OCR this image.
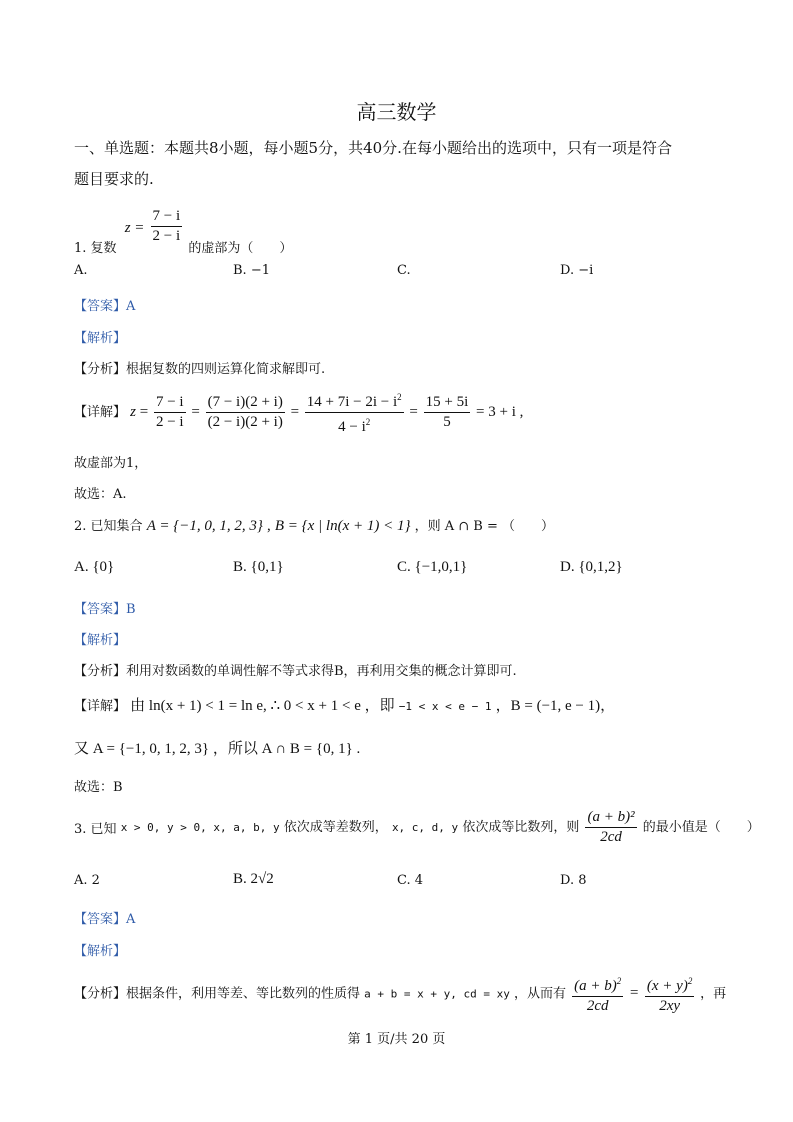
高三数学
一、单选题：本题共8小题，每小题5分，共40分.在每小题给出的选项中，只有一项是符合
题目要求的.
1. 复数 $z = \frac{7 - i}{2 - i}$
的虚部为（　　）
A.	B. −1	C.	D. −i
【答案】A
【解析】
【分析】根据复数的四则运算化简求解即可.
【详解】 $z = \frac{7 - i}{2 - i} = \frac{(7 - i)(2 + i)}{(2 - i)(2 + i)} = \frac{14 + 7i - 2i - i^2}{4 - i^2} = \frac{15 + 5i}{5} = 3 + i$ ,
故虚部为1，
故选：A.
2. 已知集合 A = {−1, 0, 1, 2, 3} , B = {x | ln(x + 1) < 1} ，则 A ∩ B = （　　）
A. {0}	B. {0,1}	C. {−1,0,1}	D. {0,1,2}
【答案】B
【解析】
【分析】利用对数函数的单调性解不等式求得B，再利用交集的概念计算即可.
【详解】 由 ln(x + 1) < 1 = ln e, ∴ 0 < x + 1 < e ，即 −1 < x < e − 1 ，B = (−1, e − 1)，
又 A = {−1, 0, 1, 2, 3} ，所以 A ∩ B = {0, 1} .
故选：B
3. 已知 x > 0, y > 0, x, a, b, y 依次成等差数列， x, c, d, y 依次成等比数列，则 $\frac{\text{(a + b)²}}{2cd}$ 的最小值是（　　）
A. 2	B. 2√2	C. 4	D. 8
【答案】A
【解析】
【分析】根据条件，利用等差、等比数列的性质得 a + b = x + y, cd = xy ，从而有 $\frac{(a + b)^2}{2cd} = \frac{(x + y)^2}{2xy}$ ，再
第 1 页/共 20 页
